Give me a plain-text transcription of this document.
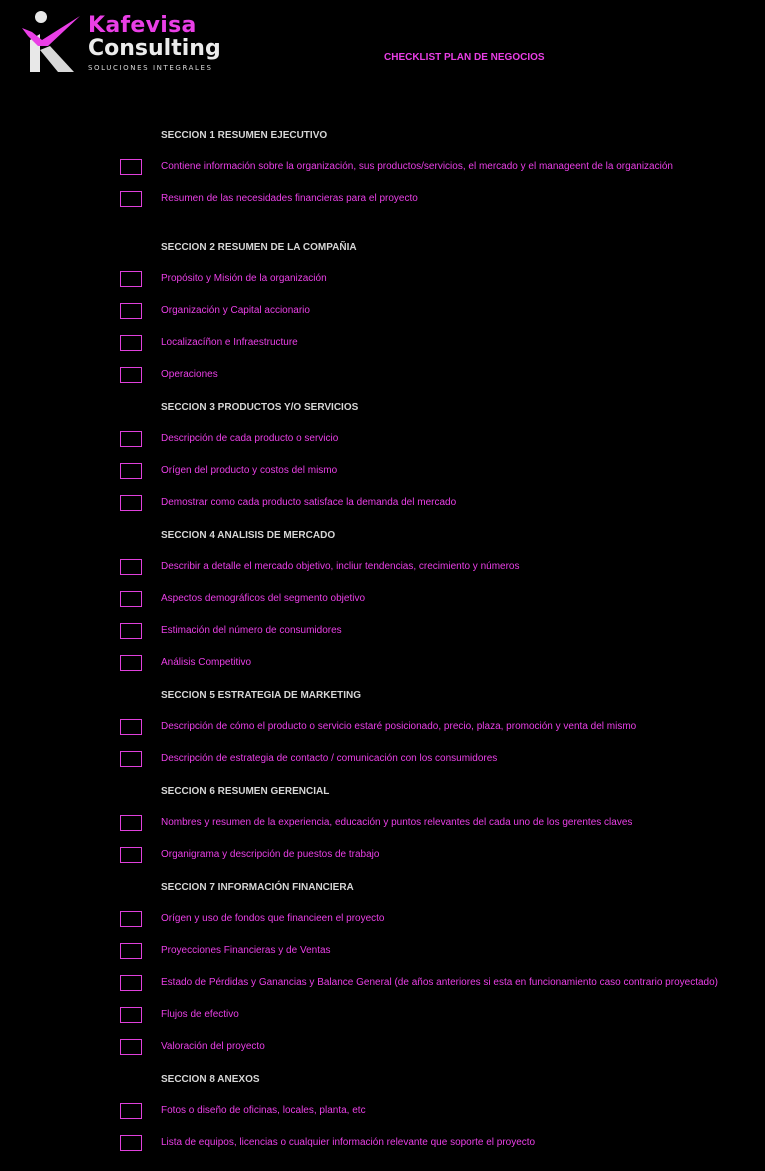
Kafevisa
Consulting
SOLUCIONES INTEGRALES
CHECKLIST PLAN DE NEGOCIOS
SECCION 1 RESUMEN EJECUTIVO
Contiene información sobre la organización, sus productos/servicios, el mercado y el manageent de la organización
Resumen de las necesidades financieras para el proyecto
SECCION 2 RESUMEN DE LA COMPAÑIA
Propósito y Misión de la organización
Organización y Capital accionario
Localizacíñon e Infraestructure
Operaciones
SECCION 3 PRODUCTOS Y/O SERVICIOS
Descripción de cada producto o servicio
Orígen del producto y costos del mismo
Demostrar como cada producto satisface la demanda del mercado
SECCION 4 ANALISIS DE MERCADO
Describir a detalle el mercado objetivo, incliur tendencias, crecimiento y números
Aspectos demográficos del segmento objetivo
Estimación del número de consumidores
Análisis Competitivo
SECCION 5 ESTRATEGIA DE MARKETING
Descripción de cómo el producto o servicio estaré posicionado, precio, plaza, promoción y venta del mismo
Descripción de estrategia de contacto / comunicación con los consumidores
SECCION 6 RESUMEN GERENCIAL
Nombres y resumen de la experiencia, educación y puntos relevantes del cada uno de los gerentes claves
Organigrama y descripción de puestos de trabajo
SECCION 7 INFORMACIÓN FINANCIERA
Orígen y uso de fondos que financieen el proyecto
Proyecciones Financieras y de Ventas
Estado de Pérdidas y Ganancias y Balance General (de años anteriores si esta en funcionamiento caso contrario proyectado)
Flujos de efectivo
Valoración del proyecto
SECCION 8 ANEXOS
Fotos o diseño de oficinas, locales, planta, etc
Lista de equipos, licencias o cualquier información relevante que soporte el proyecto
